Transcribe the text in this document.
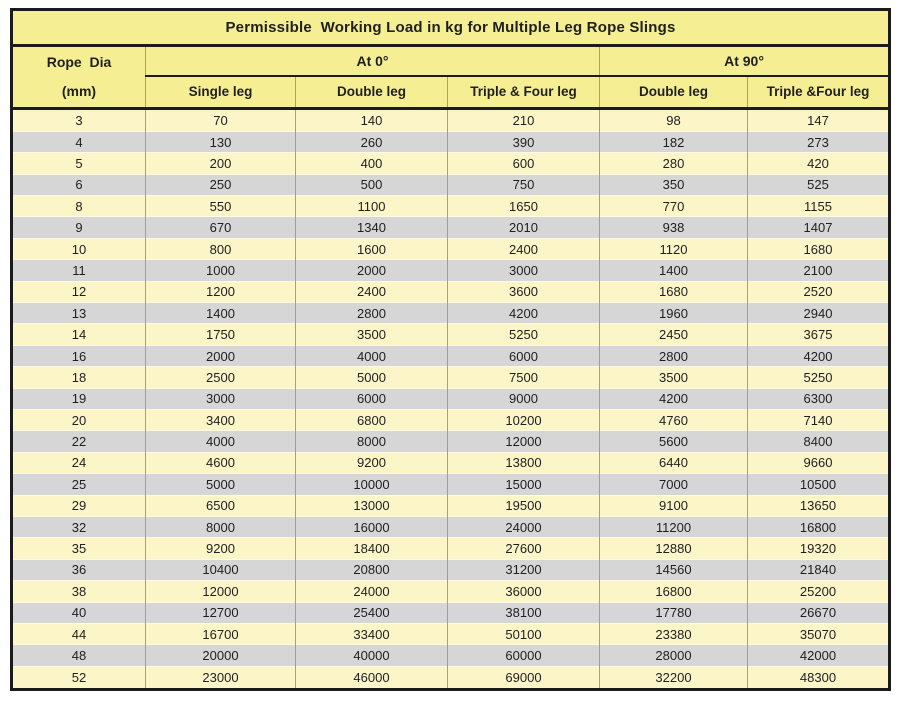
Permissible  Working Load in kg for Multiple Leg Rope Slings					

Rope  Dia
(mm)	At 0°			At 90°	
	Single leg	Double leg	Triple & Four leg	Double leg	Triple &Four leg
3	70	140	210	98	147
4	130	260	390	182	273
5	200	400	600	280	420
6	250	500	750	350	525
8	550	1100	1650	770	1155
9	670	1340	2010	938	1407
10	800	1600	2400	1120	1680
11	1000	2000	3000	1400	2100
12	1200	2400	3600	1680	2520
13	1400	2800	4200	1960	2940
14	1750	3500	5250	2450	3675
16	2000	4000	6000	2800	4200
18	2500	5000	7500	3500	5250
19	3000	6000	9000	4200	6300
20	3400	6800	10200	4760	7140
22	4000	8000	12000	5600	8400
24	4600	9200	13800	6440	9660
25	5000	10000	15000	7000	10500
29	6500	13000	19500	9100	13650
32	8000	16000	24000	11200	16800
35	9200	18400	27600	12880	19320
36	10400	20800	31200	14560	21840
38	12000	24000	36000	16800	25200
40	12700	25400	38100	17780	26670
44	16700	33400	50100	23380	35070
48	20000	40000	60000	28000	42000
52	23000	46000	69000	32200	48300
